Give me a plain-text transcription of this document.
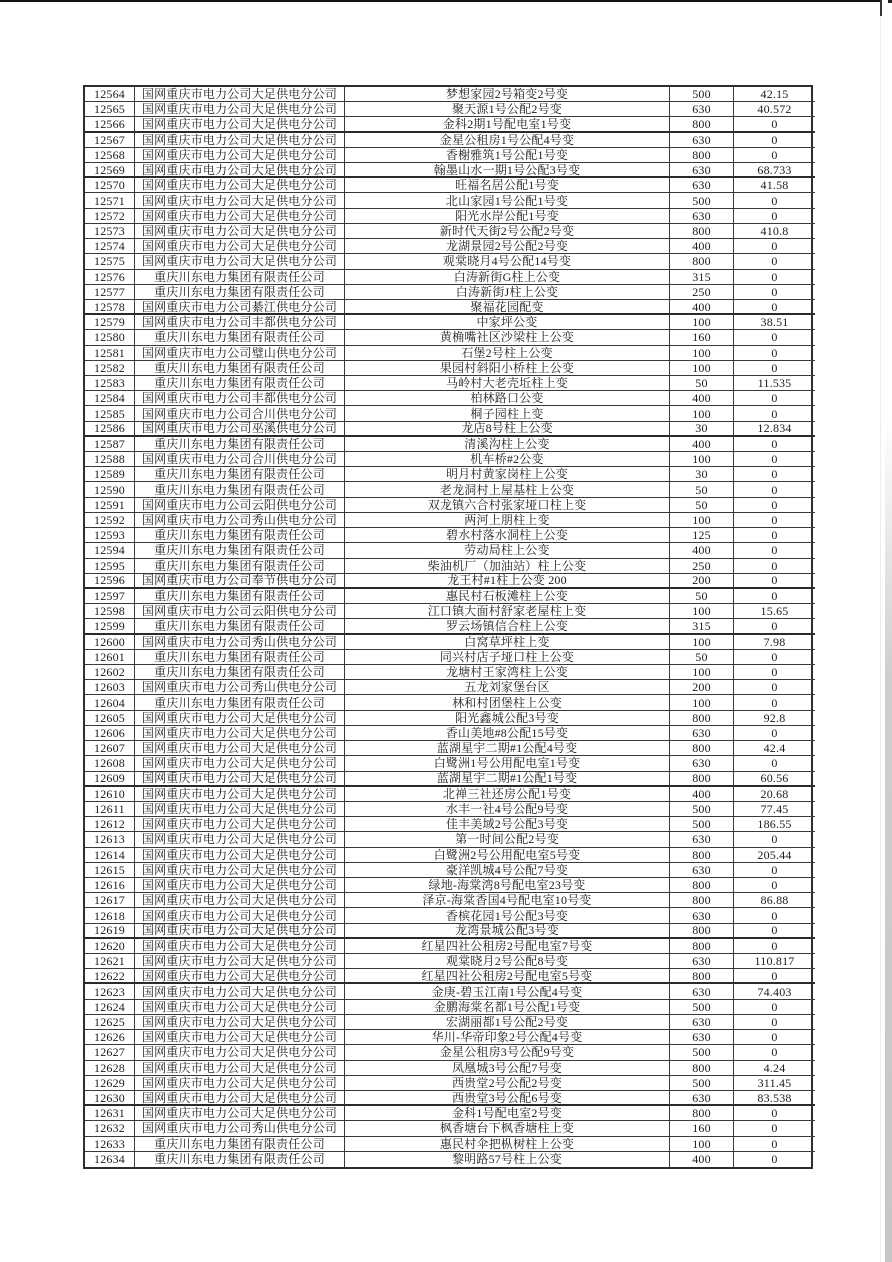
12564	国网重庆市电力公司大足供电分公司	梦想家园2号箱变2号变	500	42.15
12565	国网重庆市电力公司大足供电分公司	聚天源1号公配2号变	630	40.572
12566	国网重庆市电力公司大足供电分公司	金科2期1号配电室1号变	800	0
12567	国网重庆市电力公司大足供电分公司	金星公租房1号公配4号变	630	0
12568	国网重庆市电力公司大足供电分公司	香榭雅筑1号公配1号变	800	0
12569	国网重庆市电力公司大足供电分公司	翰墨山水一期1号公配3号变	630	68.733
12570	国网重庆市电力公司大足供电分公司	旺福名居公配1号变	630	41.58
12571	国网重庆市电力公司大足供电分公司	北山家园1号公配1号变	500	0
12572	国网重庆市电力公司大足供电分公司	阳光水岸公配1号变	630	0
12573	国网重庆市电力公司大足供电分公司	新时代天街2号公配2号变	800	410.8
12574	国网重庆市电力公司大足供电分公司	龙湖景园2号公配2号变	400	0
12575	国网重庆市电力公司大足供电分公司	观棠晓月4号公配14号变	800	0
12576	重庆川东电力集团有限责任公司	白涛新街G柱上公变	315	0
12577	重庆川东电力集团有限责任公司	白涛新街J柱上公变	250	0
12578	国网重庆市电力公司綦江供电分公司	聚福花园配变	400	0
12579	国网重庆市电力公司丰都供电分公司	中家坪公变	100	38.51
12580	重庆川东电力集团有限责任公司	黄桷嘴社区沙梁柱上公变	160	0
12581	国网重庆市电力公司璧山供电分公司	石堡2号柱上公变	100	0
12582	重庆川东电力集团有限责任公司	果园村斜阳小桥柱上公变	100	0
12583	重庆川东电力集团有限责任公司	马岭村大老壳坵柱上变	50	11.535
12584	国网重庆市电力公司丰都供电分公司	柏林路口公变	400	0
12585	国网重庆市电力公司合川供电分公司	桐子园柱上变	100	0
12586	国网重庆市电力公司巫溪供电分公司	龙店8号柱上公变	30	12.834
12587	重庆川东电力集团有限责任公司	清溪沟柱上公变	400	0
12588	国网重庆市电力公司合川供电分公司	机车桥#2公变	100	0
12589	重庆川东电力集团有限责任公司	明月村黄家岗柱上公变	30	0
12590	重庆川东电力集团有限责任公司	老龙洞村上屋基柱上公变	50	0
12591	国网重庆市电力公司云阳供电分公司	双龙镇六合村张家垭口柱上变	50	0
12592	国网重庆市电力公司秀山供电分公司	两河上朋柱上变	100	0
12593	重庆川东电力集团有限责任公司	碧水村落水洞柱上公变	125	0
12594	重庆川东电力集团有限责任公司	劳动局柱上公变	400	0
12595	重庆川东电力集团有限责任公司	柴油机厂（加油站）柱上公变	250	0
12596	国网重庆市电力公司奉节供电分公司	龙王村#1柱上公变 200	200	0
12597	重庆川东电力集团有限责任公司	惠民村石板滩柱上公变	50	0
12598	国网重庆市电力公司云阳供电分公司	江口镇大面村舒家老屋柱上变	100	15.65
12599	重庆川东电力集团有限责任公司	罗云场镇信合柱上公变	315	0
12600	国网重庆市电力公司秀山供电分公司	白窝草坪柱上变	100	7.98
12601	重庆川东电力集团有限责任公司	同兴村店子垭口柱上公变	50	0
12602	重庆川东电力集团有限责任公司	龙塘村王家湾柱上公变	100	0
12603	国网重庆市电力公司秀山供电分公司	五龙刘家堡台区	200	0
12604	重庆川东电力集团有限责任公司	林和村团堡柱上公变	100	0
12605	国网重庆市电力公司大足供电分公司	阳光鑫城公配3号变	800	92.8
12606	国网重庆市电力公司大足供电分公司	香山美地#8公配15号变	630	0
12607	国网重庆市电力公司大足供电分公司	蓝湖星宇二期#1公配4号变	800	42.4
12608	国网重庆市电力公司大足供电分公司	白鹭洲1号公用配电室1号变	630	0
12609	国网重庆市电力公司大足供电分公司	蓝湖星宇二期#1公配1号变	800	60.56
12610	国网重庆市电力公司大足供电分公司	北禅三社还房公配1号变	400	20.68
12611	国网重庆市电力公司大足供电分公司	水丰一社4号公配9号变	500	77.45
12612	国网重庆市电力公司大足供电分公司	佳丰美域2号公配3号变	500	186.55
12613	国网重庆市电力公司大足供电分公司	第一时间公配2号变	630	0
12614	国网重庆市电力公司大足供电分公司	白鹭洲2号公用配电室5号变	800	205.44
12615	国网重庆市电力公司大足供电分公司	豪洋凯城4号公配7号变	630	0
12616	国网重庆市电力公司大足供电分公司	绿地-海棠湾8号配电室23号变	800	0
12617	国网重庆市电力公司大足供电分公司	泽京-海棠香国4号配电室10号变	800	86.88
12618	国网重庆市电力公司大足供电分公司	香槟花园1号公配3号变	630	0
12619	国网重庆市电力公司大足供电分公司	龙湾景城公配3号变	800	0
12620	国网重庆市电力公司大足供电分公司	红星四社公租房2号配电室7号变	800	0
12621	国网重庆市电力公司大足供电分公司	观棠晓月2号公配8号变	630	110.817
12622	国网重庆市电力公司大足供电分公司	红星四社公租房2号配电室5号变	800	0
12623	国网重庆市电力公司大足供电分公司	金庚-碧玉江南1号公配4号变	630	74.403
12624	国网重庆市电力公司大足供电分公司	金鹏海棠名都1号公配1号变	500	0
12625	国网重庆市电力公司大足供电分公司	宏湖丽都1号公配2号变	630	0
12626	国网重庆市电力公司大足供电分公司	华川-华帝印象2号公配4号变	630	0
12627	国网重庆市电力公司大足供电分公司	金星公租房3号公配9号变	500	0
12628	国网重庆市电力公司大足供电分公司	凤凰城3号公配7号变	800	4.24
12629	国网重庆市电力公司大足供电分公司	西贵堂2号公配2号变	500	311.45
12630	国网重庆市电力公司大足供电分公司	西贵堂3号公配6号变	630	83.538
12631	国网重庆市电力公司大足供电分公司	金科1号配电室2号变	800	0
12632	国网重庆市电力公司秀山供电分公司	枫香塘台下枫香塘柱上变	160	0
12633	重庆川东电力集团有限责任公司	惠民村伞把枞树柱上公变	100	0
12634	重庆川东电力集团有限责任公司	黎明路57号柱上公变	400	0
